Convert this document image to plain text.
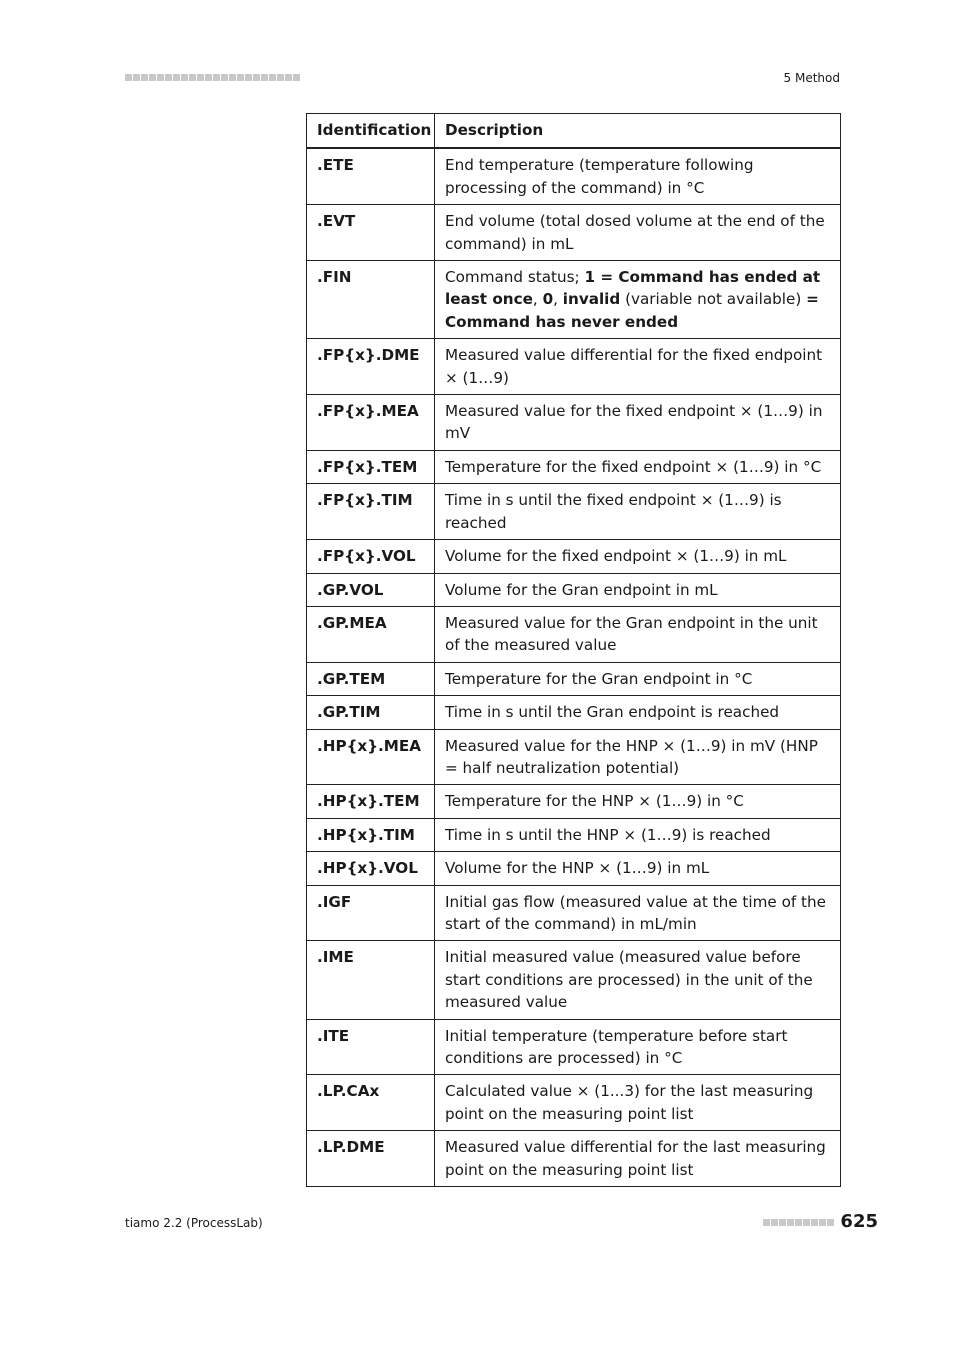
5 Method
Identification	Description
.ETE	End temperature (temperature following processing of the command) in °C
.EVT	End volume (total dosed volume at the end of the command) in mL
.FIN	Command status; 1 = Command has ended at least once, 0, invalid (variable not available) = Command has never ended
.FP{x}.DME	Measured value differential for the fixed endpoint × (1…9)
.FP{x}.MEA	Measured value for the fixed endpoint × (1…9) in mV
.FP{x}.TEM	Temperature for the fixed endpoint × (1…9) in °C
.FP{x}.TIM	Time in s until the fixed endpoint × (1…9) is reached
.FP{x}.VOL	Volume for the fixed endpoint × (1…9) in mL
.GP.VOL	Volume for the Gran endpoint in mL
.GP.MEA	Measured value for the Gran endpoint in the unit of the measured value
.GP.TEM	Temperature for the Gran endpoint in °C
.GP.TIM	Time in s until the Gran endpoint is reached
.HP{x}.MEA	Measured value for the HNP × (1…9) in mV (HNP = half neutralization potential)
.HP{x}.TEM	Temperature for the HNP × (1…9) in °C
.HP{x}.TIM	Time in s until the HNP × (1…9) is reached
.HP{x}.VOL	Volume for the HNP × (1…9) in mL
.IGF	Initial gas flow (measured value at the time of the start of the command) in mL/min
.IME	Initial measured value (measured value before start conditions are processed) in the unit of the measured value
.ITE	Initial temperature (temperature before start conditions are processed) in °C
.LP.CAx	Calculated value × (1...3) for the last measuring point on the measuring point list
.LP.DME	Measured value differential for the last measuring point on the measuring point list
tiamo 2.2 (ProcessLab)	625
